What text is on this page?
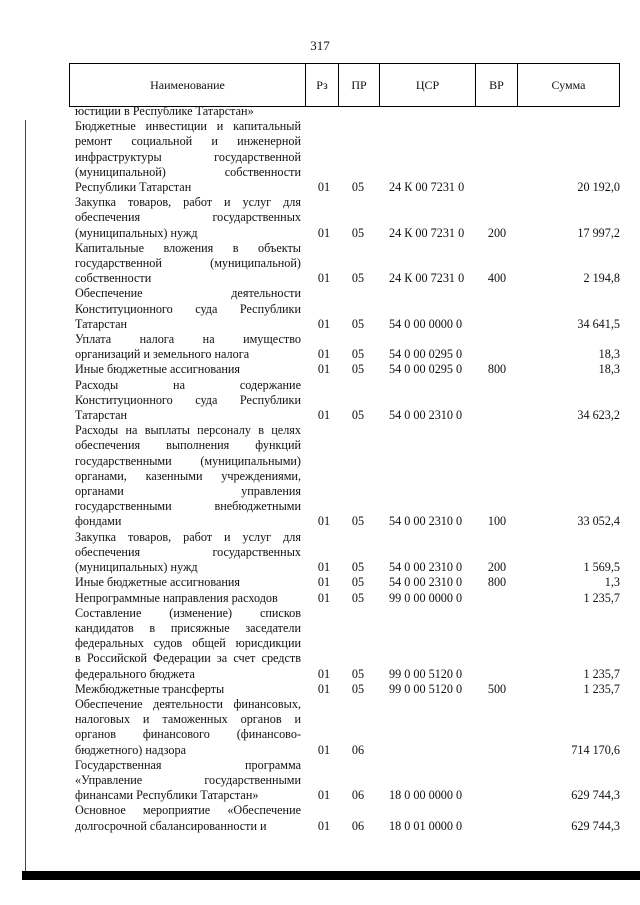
317
Наименование	Рз	ПР	ЦСР	ВР	Сумма
юстиции в Республике Татарстан»
Бюджетные инвестиции и капитальный
ремонт социальной и инженерной
инфраструктуры государственной
(муниципальной) собственности
Республики Татарстан	01 05 24 К 00 7231 0	20 192,0
Закупка товаров, работ и услуг для
обеспечения государственных
(муниципальных) нужд	01 05 24 К 00 7231 0	200	17 997,2
Капитальные вложения в объекты
государственной (муниципальной)
собственности	01 05 24 К 00 7231 0	400	2 194,8
Обеспечение деятельности
Конституционного суда Республики
Татарстан	01 05 54 0 00 0000 0	34 641,5
Уплата налога на имущество
организаций и земельного налога	01 05 54 0 00 0295 0	18,3
Иные бюджетные ассигнования	01 05 54 0 00 0295 0	800	18,3
Расходы на содержание
Конституционного суда Республики
Татарстан	01 05 54 0 00 2310 0	34 623,2
Расходы на выплаты персоналу в целях
обеспечения выполнения функций
государственными (муниципальными)
органами, казенными учреждениями,
органами управления
государственными внебюджетными
фондами	01 05 54 0 00 2310 0	100	33 052,4
Закупка товаров, работ и услуг для
обеспечения государственных
(муниципальных) нужд	01 05 54 0 00 2310 0	200	1 569,5
Иные бюджетные ассигнования	01 05 54 0 00 2310 0	800	1,3
Непрограммные направления расходов	01 05 99 0 00 0000 0	1 235,7
Составление (изменение) списков
кандидатов в присяжные заседатели
федеральных судов общей юрисдикции
в Российской Федерации за счет средств
федерального бюджета	01 05 99 0 00 5120 0	1 235,7
Межбюджетные трансферты	01 05 99 0 00 5120 0	500	1 235,7
Обеспечение деятельности финансовых,
налоговых и таможенных органов и
органов финансового (финансово-
бюджетного) надзора	01 06	714 170,6
Государственная программа
«Управление государственными
финансами Республики Татарстан»	01 06 18 0 00 0000 0	629 744,3
Основное мероприятие «Обеспечение
долгосрочной сбалансированности и	01 06 18 0 01 0000 0	629 744,3
